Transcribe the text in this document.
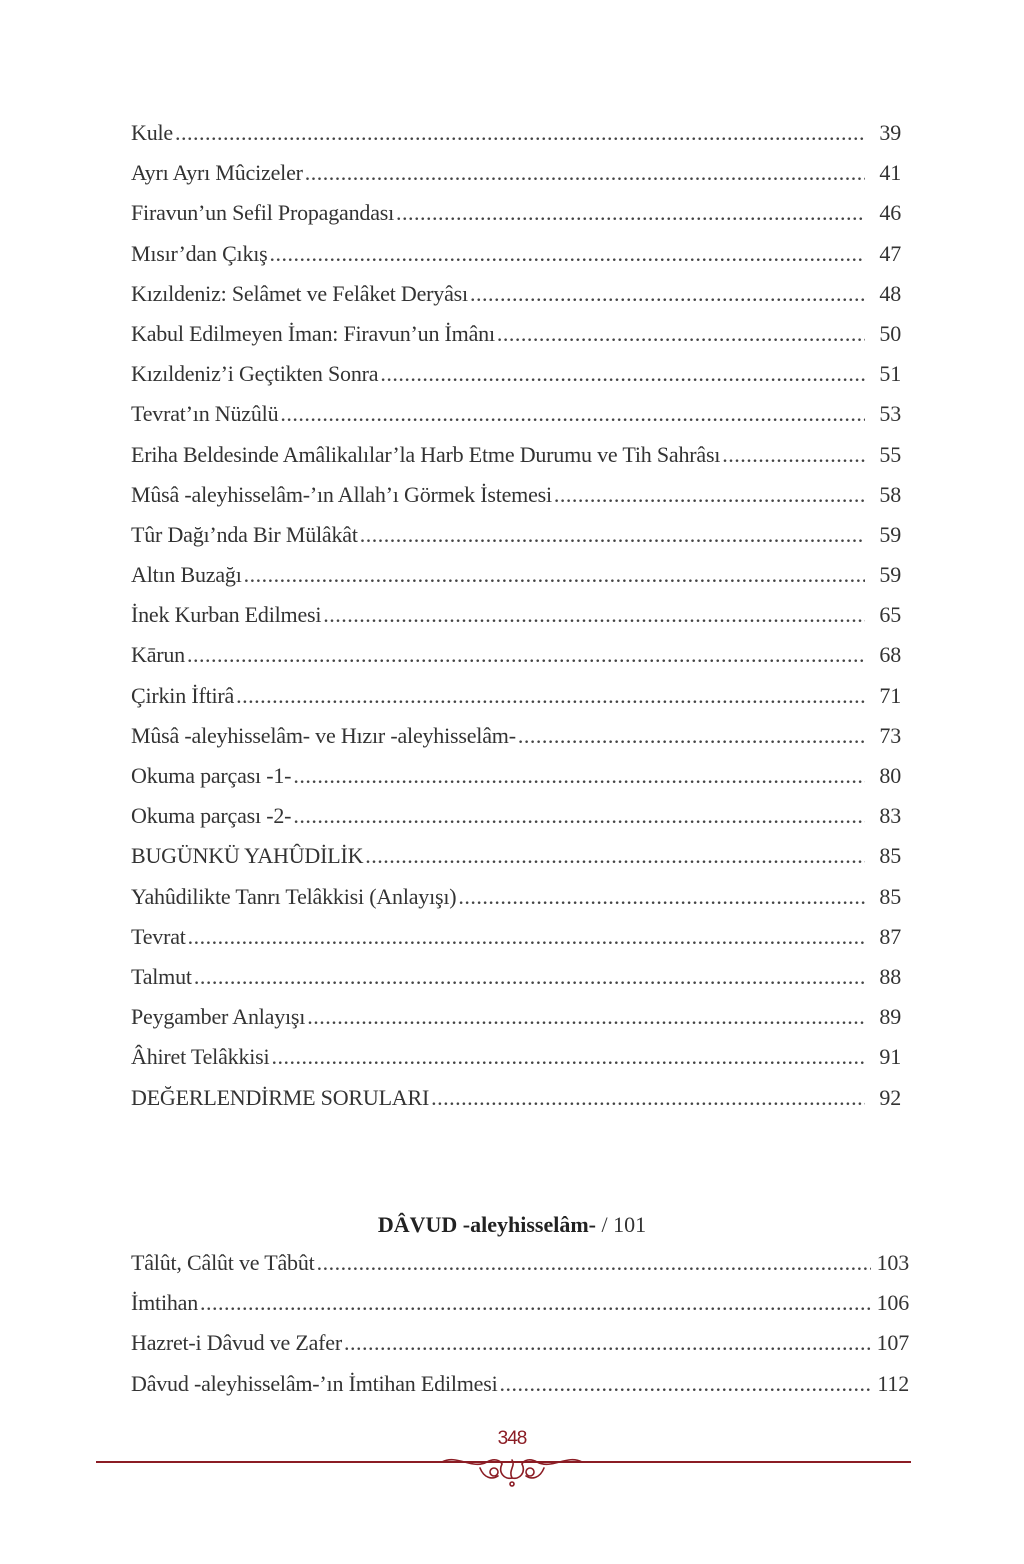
Kule .....	39
Ayrı Ayrı Mûcizeler .....	41
Firavun’un Sefil Propagandası .....	46
Mısır’dan Çıkış .....	47
Kızıldeniz: Selâmet ve Felâket Deryâsı .....	48
Kabul Edilmeyen İman: Firavun’un İmânı .....	50
Kızıldeniz’i Geçtikten Sonra .....	51
Tevrat’ın Nüzûlü .....	53
Eriha Beldesinde Amâlikalılar’la Harb Etme Durumu ve Tih Sahrâsı .....	55
Mûsâ -aleyhisselâm-’ın Allah’ı Görmek İstemesi .....	58
Tûr Dağı’nda Bir Mülâkât .....	59
Altın Buzağı .....	59
İnek Kurban Edilmesi .....	65
Kārun .....	68
Çirkin İftirâ .....	71
Mûsâ -aleyhisselâm- ve Hızır -aleyhisselâm- .....	73
Okuma parçası -1- .....	80
Okuma parçası -2- .....	83
BUGÜNKÜ YAHÛDİLİK .....	85
Yahûdilikte Tanrı Telâkkisi (Anlayışı) .....	85
Tevrat .....	87
Talmut .....	88
Peygamber Anlayışı .....	89
Âhiret Telâkkisi .....	91
DEĞERLENDİRME SORULARI .....	92
DÂVUD -aleyhisselâm- / 101
Tâlût, Câlût ve Tâbût .....	103
İmtihan .....	106
Hazret-i Dâvud ve Zafer .....	107
Dâvud -aleyhisselâm-’ın İmtihan Edilmesi .....	112
348
